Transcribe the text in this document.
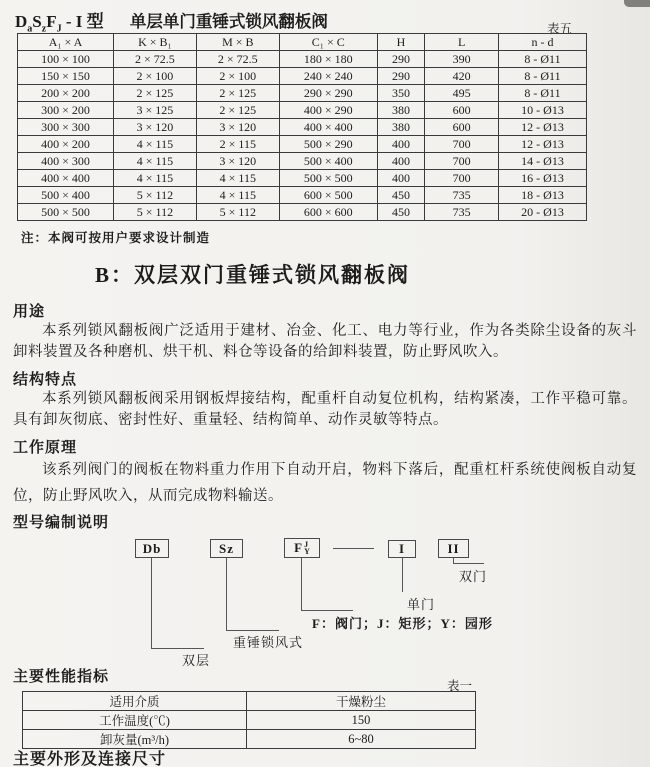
$D_aS_zF_J$ - I 型 单层单门重锤式锁风翻板阀	表五
A₁ × A	K × B₁	M × B	C₁ × C	H	L	n - d
100 × 100	2 × 72.5	2 × 72.5	180 × 180	290	390	8 - Ø11
150 × 150	2 × 100	2 × 100	240 × 240	290	420	8 - Ø11
200 × 200	2 × 125	2 × 125	290 × 290	350	495	8 - Ø11
300 × 200	3 × 125	2 × 125	400 × 290	380	600	10 - Ø13
300 × 300	3 × 120	3 × 120	400 × 400	380	600	12 - Ø13
400 × 200	4 × 115	2 × 115	500 × 290	400	700	12 - Ø13
400 × 300	4 × 115	3 × 120	500 × 400	400	700	14 - Ø13
400 × 400	4 × 115	4 × 115	500 × 500	400	700	16 - Ø13
500 × 400	5 × 112	4 × 115	600 × 500	450	735	18 - Ø13
500 × 500	5 × 112	5 × 112	600 × 600	450	735	20 - Ø13
注：本阀可按用户要求设计制造
B：双层双门重锤式锁风翻板阀
用途

本系列锁风翻板阀广泛适用于建材、冶金、化工、电力等行业，作为各类除尘设备的灰斗卸料装置及各种磨机、烘干机、料仓等设备的给卸料装置，防止野风吹入。

结构特点

本系列锁风翻板阀采用钢板焊接结构，配重杆自动复位机构，结构紧凑，工作平稳可靠。具有卸灰彻底、密封性好、重量轻、结构简单、动作灵敏等特点。

工作原理

该系列阀门的阀板在物料重力作用下自动开启，物料下落后，配重杠杆系统使阀板自动复位，防止野风吹入，从而完成物料输送。

型号编制说明
Db	Sz	F J
Y	I	II
双层
重锤锁风式
F：阀门；J：矩形；Y：园形
单门
双门
主要性能指标
表一
适用介质	干燥粉尘
工作温度(℃)	150
卸灰量(m³/h)	6~80
主要外形及连接尺寸
